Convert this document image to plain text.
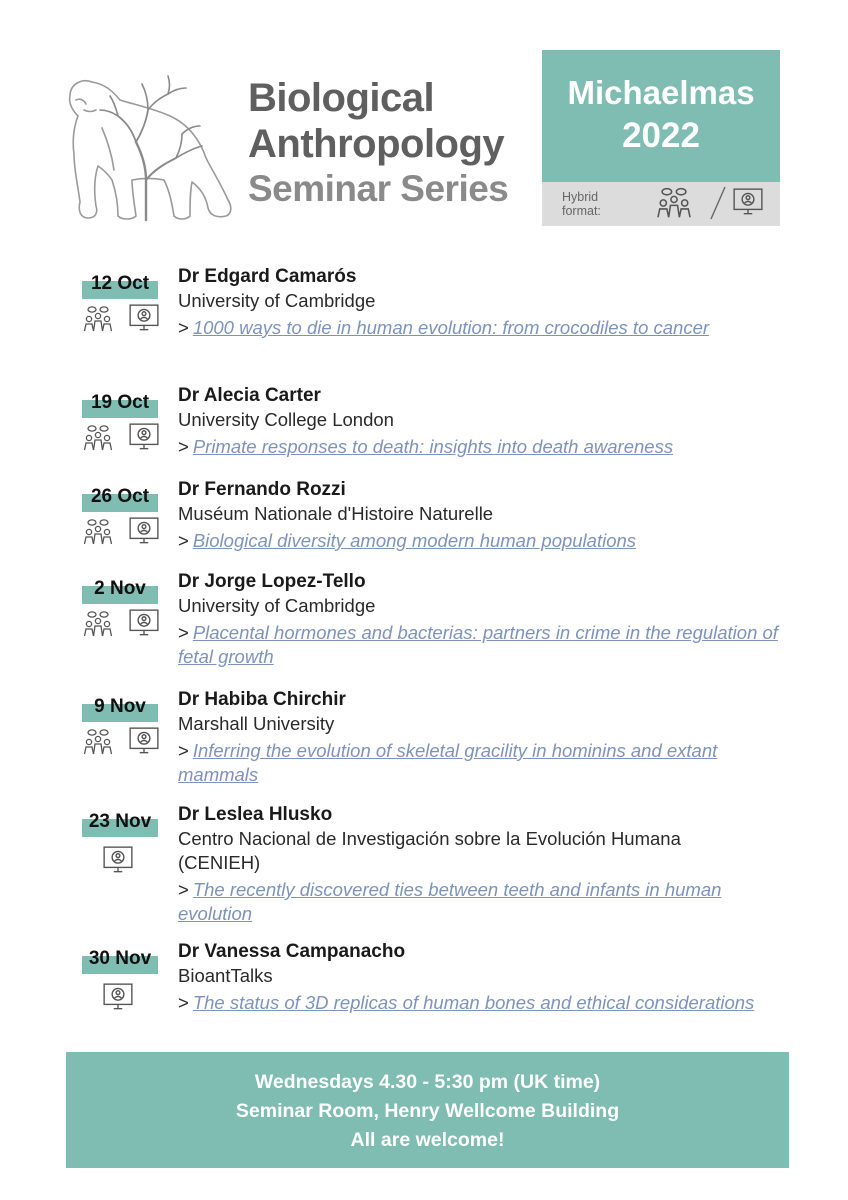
Biological
Anthropology
Seminar Series
Michaelmas
2022
Hybrid
format:
12 Oct	Dr Edgard Camarós
University of Cambridge
> 1000 ways to die in human evolution: from crocodiles to cancer
19 Oct	Dr Alecia Carter
University College London
> Primate responses to death: insights into death awareness
26 Oct	Dr Fernando Rozzi
Muséum Nationale d'Histoire Naturelle
> Biological diversity among modern human populations
2 Nov	Dr Jorge Lopez-Tello
University of Cambridge
> Placental hormones and bacterias: partners in crime in the regulation of fetal growth
9 Nov	Dr Habiba Chirchir
Marshall University
> Inferring the evolution of skeletal gracility in hominins and extant mammals
23 Nov	Dr Leslea Hlusko
Centro Nacional de Investigación sobre la Evolución Humana (CENIEH)
> The recently discovered ties between teeth and infants in human evolution
30 Nov	Dr Vanessa Campanacho
BioantTalks
> The status of 3D replicas of human bones and ethical considerations
Wednesdays 4.30 - 5:30 pm (UK time)
Seminar Room, Henry Wellcome Building
All are welcome!
